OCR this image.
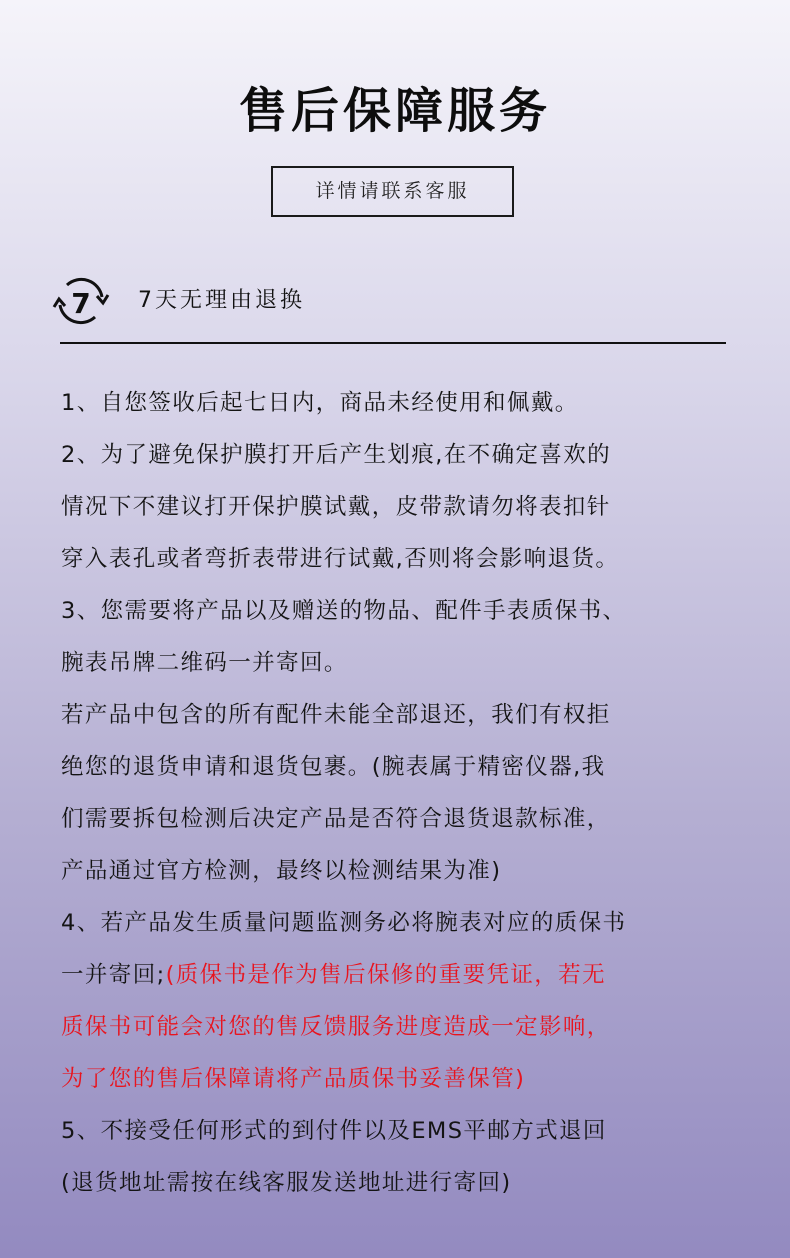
售后保障服务
详情请联系客服
7 7天无理由退换
1、自您签收后起七日内，商品未经使用和佩戴。
2、为了避免保护膜打开后产生划痕,在不确定喜欢的
情况下不建议打开保护膜试戴，皮带款请勿将表扣针
穿入表孔或者弯折表带进行试戴,否则将会影响退货。
3、您需要将产品以及赠送的物品、配件手表质保书、
腕表吊牌二维码一并寄回。
若产品中包含的所有配件未能全部退还，我们有权拒
绝您的退货申请和退货包裹。(腕表属于精密仪器,我
们需要拆包检测后决定产品是否符合退货退款标准，
产品通过官方检测，最终以检测结果为准)
4、若产品发生质量问题监测务必将腕表对应的质保书
一并寄回;(质保书是作为售后保修的重要凭证，若无
质保书可能会对您的售反馈服务进度造成一定影响，
为了您的售后保障请将产品质保书妥善保管)
5、不接受任何形式的到付件以及EMS平邮方式退回
(退货地址需按在线客服发送地址进行寄回)
